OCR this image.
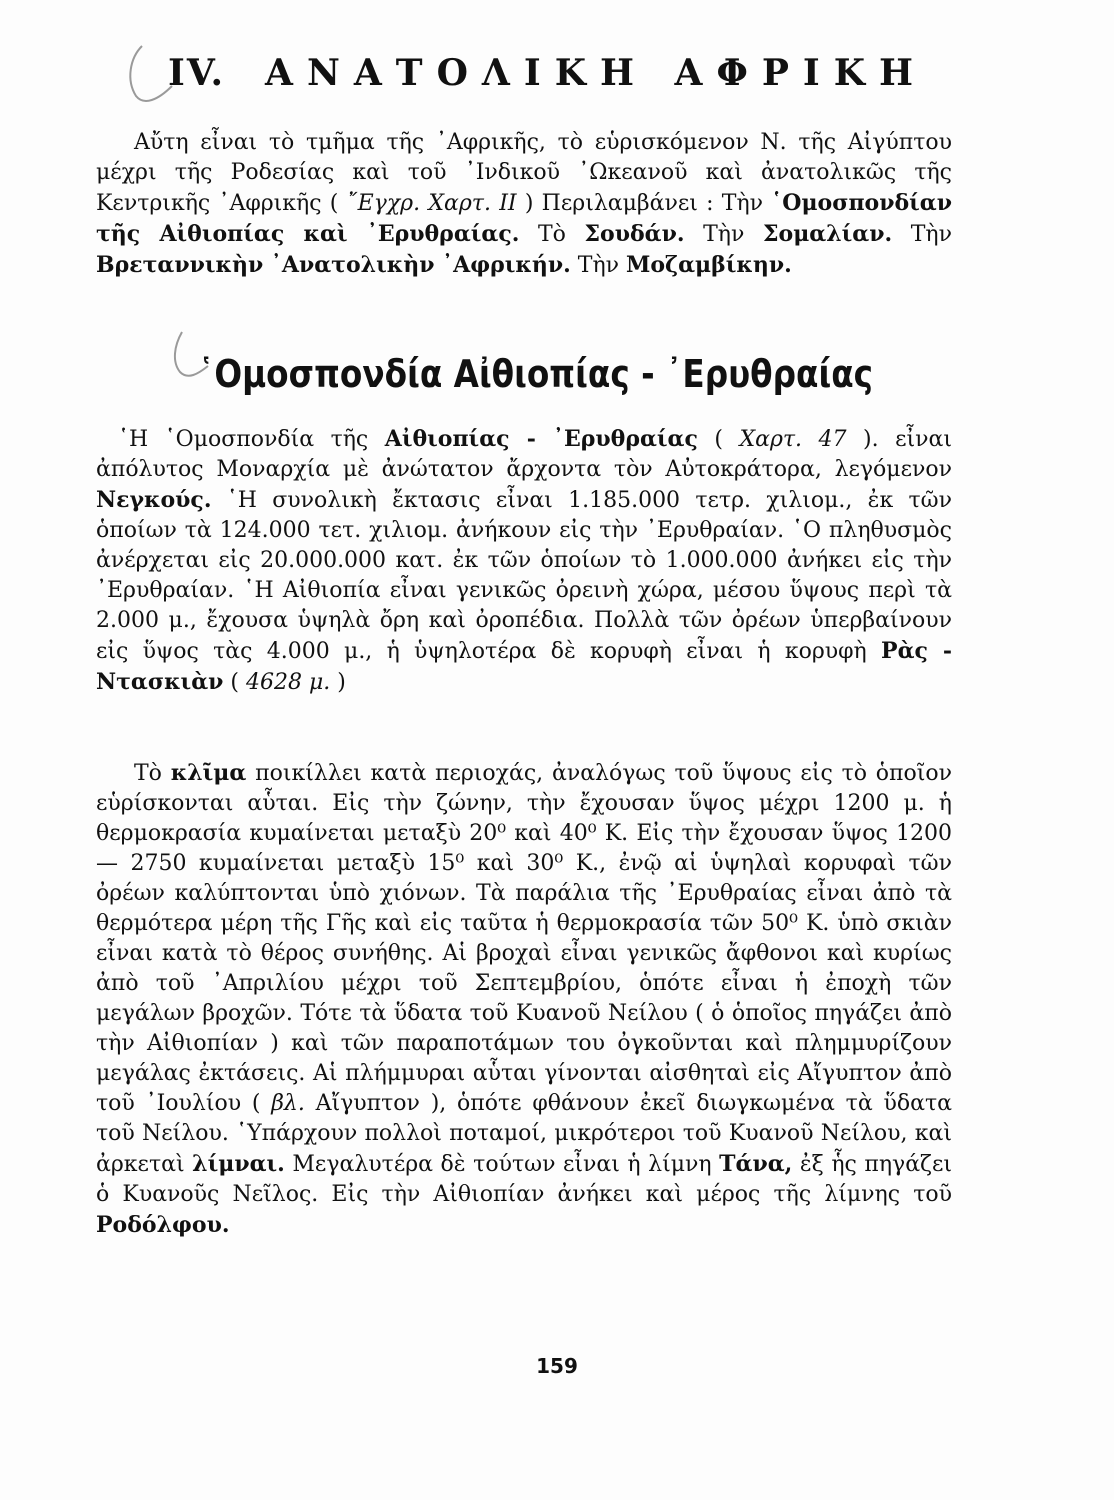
IV. ΑΝΑΤΟΛΙΚΗ ΑΦΡΙΚΗ

Αὔτη εἶναι τὸ τμῆμα τῆς ᾿Αφρικῆς, τὸ εὑρισκόμενον Ν. τῆς Αἰγύπτου μέχρι τῆς Ροδεσίας καὶ τοῦ ᾿Ινδικοῦ ᾿Ωκεανοῦ καὶ ἀνατολικῶς τῆς Κεντρικῆς ᾿Αφρικῆς ( ῎Εγχρ. Χαρτ. ΙΙ ) Περιλαμβάνει : Τὴν ῾Ομοσπονδίαν τῆς Αἰθιοπίας καὶ ᾿Ερυθραίας. Τὸ Σουδάν. Τὴν Σομαλίαν. Τὴν Βρεταννικὴν ᾿Ανατολικὴν ᾿Αφρικήν. Τὴν Μοζαμβίκην.

῾Ομοσπονδία Αἰθιοπίας - ᾿Ερυθραίας

῾Η ῾Ομοσπονδία τῆς Αἰθιοπίας - ᾿Ερυθραίας ( Χαρτ. 47 ). εἶναι ἀπόλυτος Μοναρχία μὲ ἀνώτατον ἄρχοντα τὸν Αὐτοκράτορα, λεγόμενον Νεγκούς. ῾Η συνολικὴ ἔκτασις εἶναι 1.185.000 τετρ. χιλιομ., ἐκ τῶν ὁποίων τὰ 124.000 τετ. χιλιομ. ἀνήκουν εἰς τὴν ᾿Ερυθραίαν. ῾Ο πληθυσμὸς ἀνέρχεται εἰς 20.000.000 κατ. ἐκ τῶν ὁποίων τὸ 1.000.000 ἀνήκει εἰς τὴν ᾿Ερυθραίαν. ῾Η Αἰθιοπία εἶναι γενικῶς ὀρεινὴ χώρα, μέσου ὕψους περὶ τὰ 2.000 μ., ἔχουσα ὑψηλὰ ὄρη καὶ ὀροπέδια. Πολλὰ τῶν ὀρέων ὑπερβαίνουν εἰς ὕψος τὰς 4.000 μ., ἡ ὑψηλοτέρα δὲ κορυφὴ εἶναι ἡ κορυφὴ Ρὰς - Ντασκιὰν ( 4628 μ. )

Τὸ κλῖμα ποικίλλει κατὰ περιοχάς, ἀναλόγως τοῦ ὕψους εἰς τὸ ὁποῖον εὑρίσκονται αὗται. Εἰς τὴν ζώνην, τὴν ἔχουσαν ὕψος μέχρι 1200 μ. ἡ θερμοκρασία κυμαίνεται μεταξὺ 20⁰ καὶ 40⁰ Κ. Εἰς τὴν ἔχουσαν ὕψος 1200 — 2750 κυμαίνεται μεταξὺ 15⁰ καὶ 30⁰ Κ., ἐνῷ αἱ ὑψηλαὶ κορυφαὶ τῶν ὀρέων καλύπτονται ὑπὸ χιόνων. Τὰ παράλια τῆς ᾿Ερυθραίας εἶναι ἀπὸ τὰ θερμότερα μέρη τῆς Γῆς καὶ εἰς ταῦτα ἡ θερμοκρασία τῶν 50⁰ Κ. ὑπὸ σκιὰν εἶναι κατὰ τὸ θέρος συνήθης. Αἱ βροχαὶ εἶναι γενικῶς ἄφθονοι καὶ κυρίως ἀπὸ τοῦ ᾿Απριλίου μέχρι τοῦ Σεπτεμβρίου, ὁπότε εἶναι ἡ ἐποχὴ τῶν μεγάλων βροχῶν. Τότε τὰ ὕδατα τοῦ Κυανοῦ Νείλου ( ὁ ὁποῖος πηγάζει ἀπὸ τὴν Αἰθιοπίαν ) καὶ τῶν παραποτάμων του ὀγκοῦνται καὶ πλημμυρίζουν μεγάλας ἐκτάσεις. Αἱ πλήμμυραι αὗται γίνονται αἰσθηταὶ εἰς Αἴγυπτον ἀπὸ τοῦ ᾿Ιουλίου ( βλ. Αἴγυπτον ), ὁπότε φθάνουν ἐκεῖ διωγκωμένα τὰ ὕδατα τοῦ Νείλου. ῾Υπάρχουν πολλοὶ ποταμοί, μικρότεροι τοῦ Κυανοῦ Νείλου, καὶ ἀρκεταὶ λίμναι. Μεγαλυτέρα δὲ τούτων εἶναι ἡ λίμνη Τάνα, ἐξ ἧς πηγάζει ὁ Κυανοῦς Νεῖλος. Εἰς τὴν Αἰθιοπίαν ἀνήκει καὶ μέρος τῆς λίμνης τοῦ Ροδόλφου.

159
